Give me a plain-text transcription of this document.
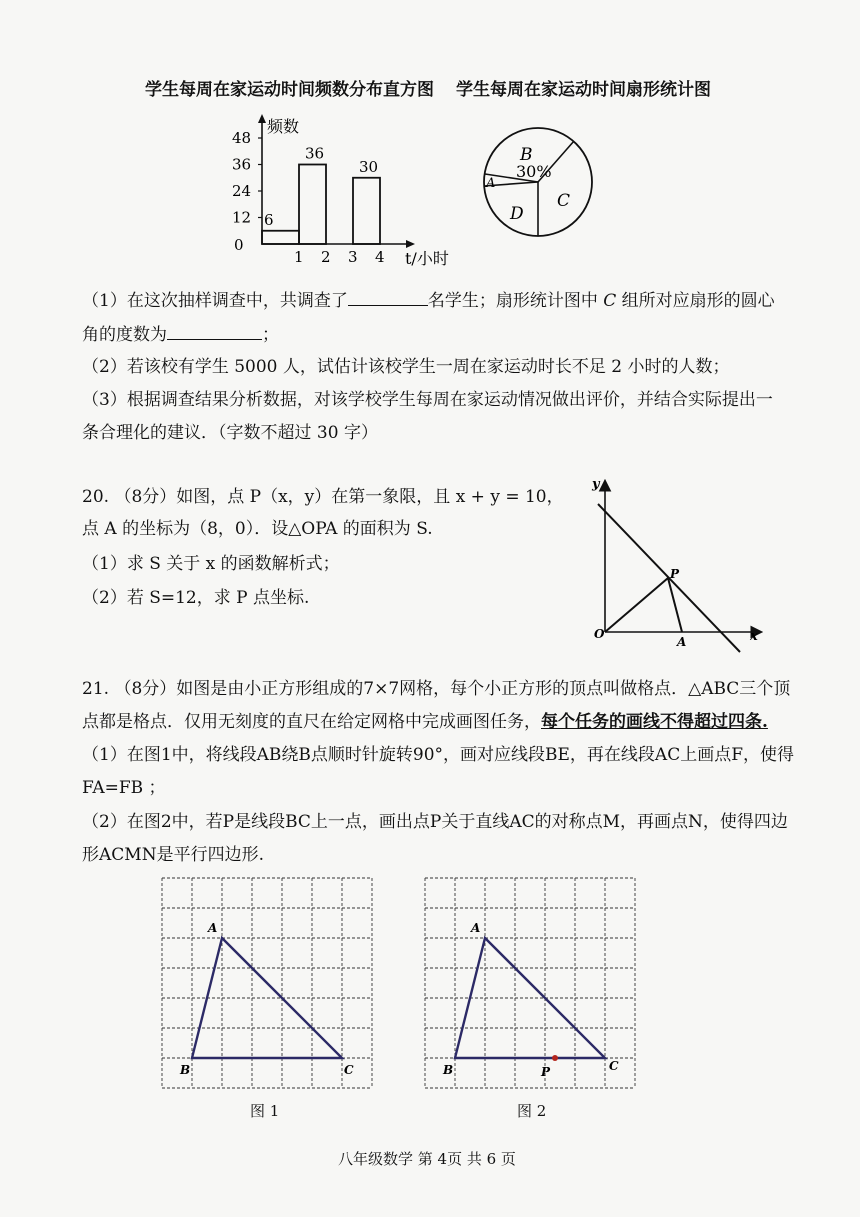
学生每周在家运动时间频数分布直方图 学生每周在家运动时间扇形统计图
0
12
24
36
48
1 2 3 4
6
36
30
频数
t/小时
A
B
30%
C
D
（1）在这次抽样调查中，共调查了	名学生；扇形统计图中 C 组所对应扇形的圆心
角的度数为	；
（2）若该校有学生 5000 人，试估计该校学生一周在家运动时长不足 2 小时的人数；
（3）根据调查结果分析数据，对该学校学生每周在家运动情况做出评价，并结合实际提出一
条合理化的建议．（字数不超过 30 字）
20. （8分）如图，点 P（x，y）在第一象限，且 x + y = 10，
点 A 的坐标为（8，0）．设△OPA 的面积为 S.
（1）求 S 关于 x 的函数解析式；
（2）若 S=12，求 P 点坐标.
y
x
O
P
A
21. （8分）如图是由小正方形组成的7×7网格，每个小正方形的顶点叫做格点．△ABC三个顶
点都是格点．仅用无刻度的直尺在给定网格中完成画图任务，每个任务的画线不得超过四条.
（1）在图1中，将线段AB绕B点顺时针旋转90°，画对应线段BE，再在线段AC上画点F，使得
FA=FB ；
（2）在图2中，若P是线段BC上一点，画出点P关于直线AC的对称点M，再画点N，使得四边
形ACMN是平行四边形.
A
B	C
图 1
A
B	C
P
图 2
八年级数学 第 4页 共 6 页
